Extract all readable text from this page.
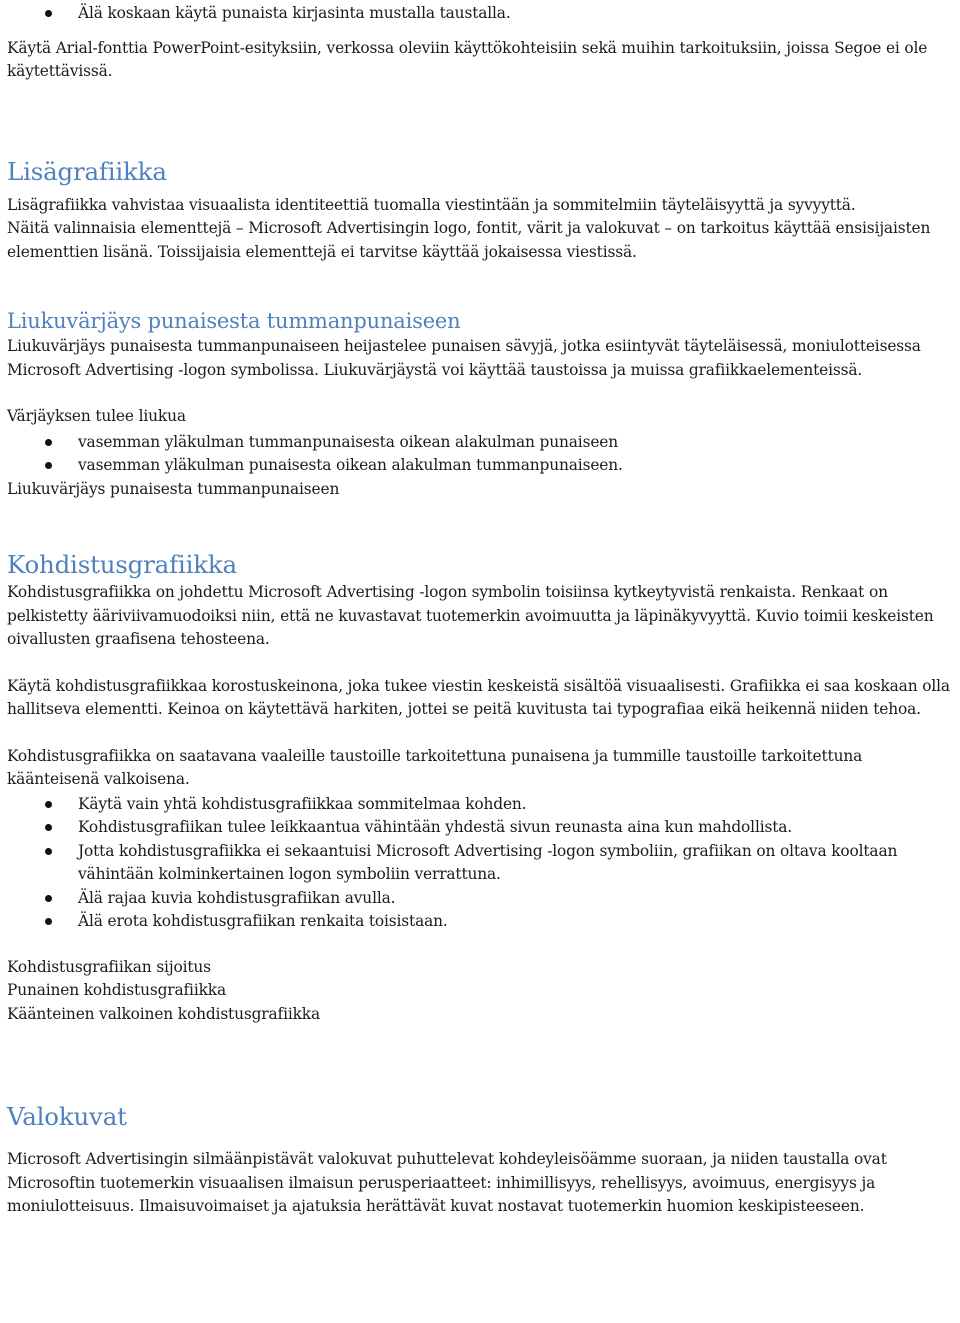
Älä koskaan käytä punaista kirjasinta mustalla taustalla.

Käytä Arial-fonttia PowerPoint-esityksiin, verkossa oleviin käyttökohteisiin sekä muihin tarkoituksiin, joissa Segoe ei ole käytettävissä.

Lisägrafiikka

Lisägrafiikka vahvistaa visuaalista identiteettiä tuomalla viestintään ja sommitelmiin täyteläisyyttä ja syvyyttä.

Näitä valinnaisia elementtejä – Microsoft Advertisingin logo, fontit, värit ja valokuvat – on tarkoitus käyttää ensisijaisten elementtien lisänä. Toissijaisia elementtejä ei tarvitse käyttää jokaisessa viestissä.

Liukuvärjäys punaisesta tummanpunaiseen

Liukuvärjäys punaisesta tummanpunaiseen heijastelee punaisen sävyjä, jotka esiintyvät täyteläisessä, moniulotteisessa Microsoft Advertising -logon symbolissa. Liukuvärjäystä voi käyttää taustoissa ja muissa grafiikkaelementeissä.

Värjäyksen tulee liukua

vasemman yläkulman tummanpunaisesta oikean alakulman punaiseen
vasemman yläkulman punaisesta oikean alakulman tummanpunaiseen.

Liukuvärjäys punaisesta tummanpunaiseen

Kohdistusgrafiikka

Kohdistusgrafiikka on johdettu Microsoft Advertising -logon symbolin toisiinsa kytkeytyvistä renkaista. Renkaat on pelkistetty ääriviivamuodoiksi niin, että ne kuvastavat tuotemerkin avoimuutta ja läpinäkyvyyttä. Kuvio toimii keskeisten oivallusten graafisena tehosteena.

Käytä kohdistusgrafiikkaa korostuskeinona, joka tukee viestin keskeistä sisältöä visuaalisesti. Grafiikka ei saa koskaan olla hallitseva elementti. Keinoa on käytettävä harkiten, jottei se peitä kuvitusta tai typografiaa eikä heikennä niiden tehoa.

Kohdistusgrafiikka on saatavana vaaleille taustoille tarkoitettuna punaisena ja tummille taustoille tarkoitettuna käänteisenä valkoisena.

Käytä vain yhtä kohdistusgrafiikkaa sommitelmaa kohden.
Kohdistusgrafiikan tulee leikkaantua vähintään yhdestä sivun reunasta aina kun mahdollista.
Jotta kohdistusgrafiikka ei sekaantuisi Microsoft Advertising -logon symboliin, grafiikan on oltava kooltaan vähintään kolminkertainen logon symboliin verrattuna.
Älä rajaa kuvia kohdistusgrafiikan avulla.
Älä erota kohdistusgrafiikan renkaita toisistaan.

Kohdistusgrafiikan sijoitus

Punainen kohdistusgrafiikka

Käänteinen valkoinen kohdistusgrafiikka

Valokuvat

Microsoft Advertisingin silmäänpistävät valokuvat puhuttelevat kohdeyleisöämme suoraan, ja niiden taustalla ovat Microsoftin tuotemerkin visuaalisen ilmaisun perusperiaatteet: inhimillisyys, rehellisyys, avoimuus, energisyys ja moniulotteisuus. Ilmaisuvoimaiset ja ajatuksia herättävät kuvat nostavat tuotemerkin huomion keskipisteeseen.
